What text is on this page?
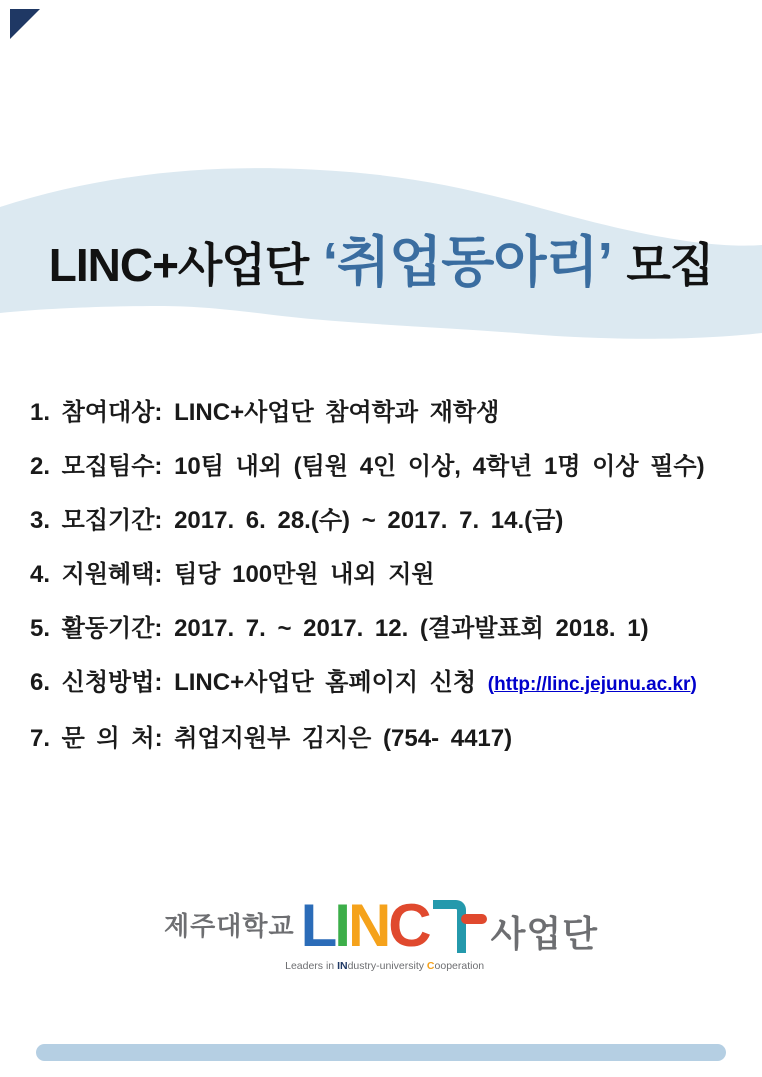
LINC+사업단 ‘취업동아리’ 모집
1. 참여대상: LINC+사업단 참여학과 재학생
2. 모집팀수: 10팀 내외 (팀원 4인 이상, 4학년 1명 이상 필수)
3. 모집기간: 2017. 6. 28.(수) ~ 2017. 7. 14.(금)
4. 지원혜택: 팀당 100만원 내외 지원
5. 활동기간: 2017. 7. ~ 2017. 12. (결과발표회 2018. 1)
6. 신청방법: LINC+사업단 홈페이지 신청 (http://linc.jejunu.ac.kr)
7. 문 의 처: 취업지원부 김지은 (754- 4417)
제주대학교 LINC
Leaders in INdustry-university Cooperation
사업단
